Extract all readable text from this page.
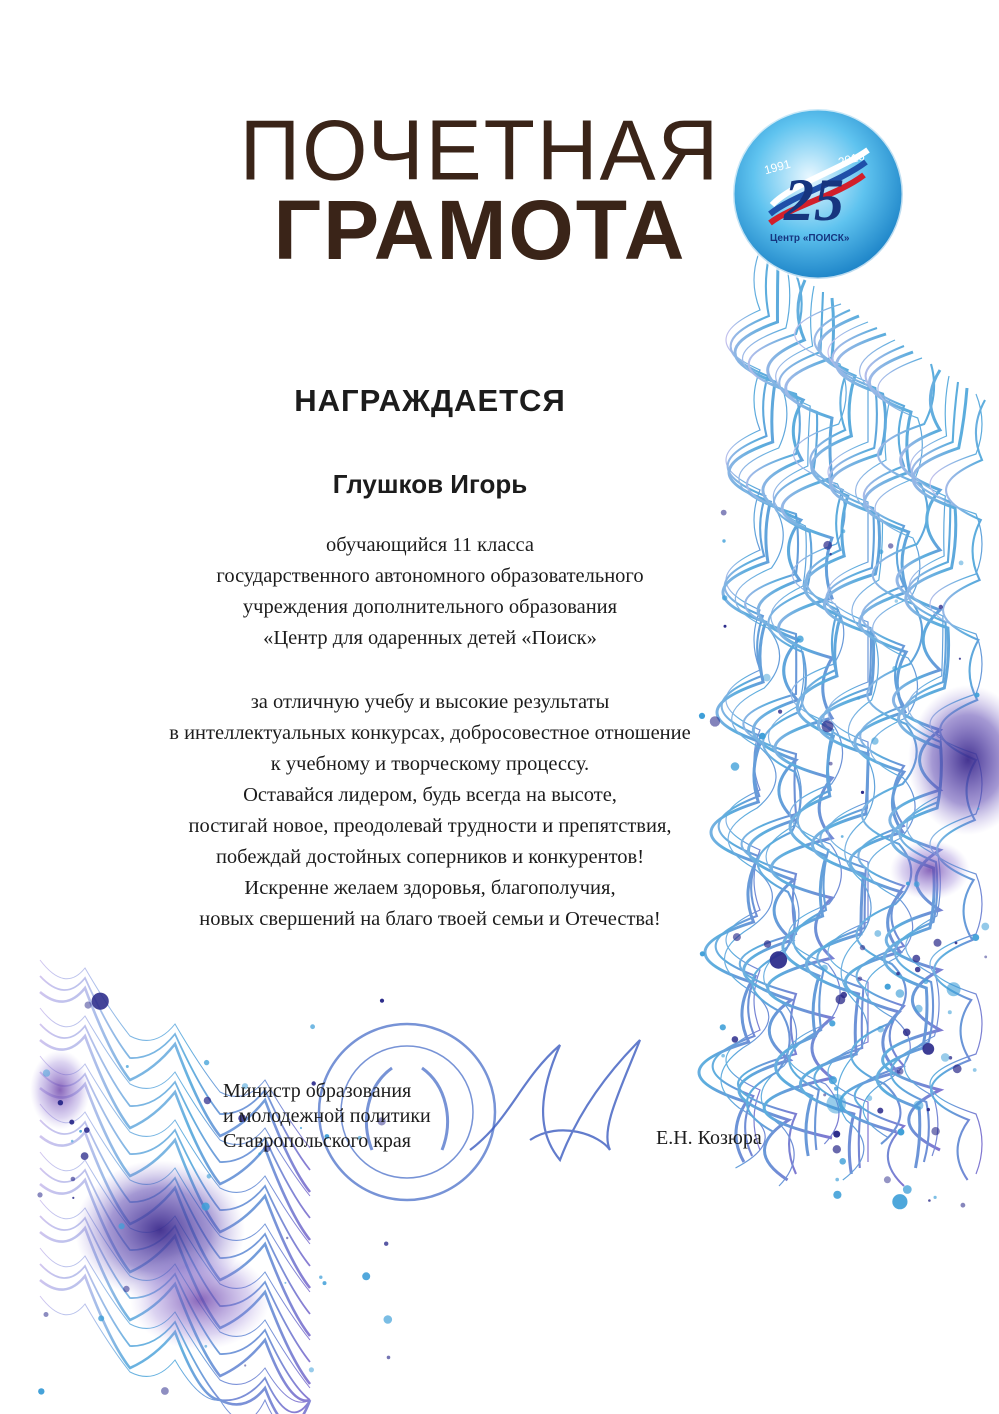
1991	2016
25
Центр «ПОИСК»
ПОЧЕТНАЯ
ГРАМОТА
НАГРАЖДАЕТСЯ
Глушков Игорь
обучающийся 11 класса
государственного автономного образовательного
учреждения дополнительного образования
«Центр для одаренных детей «Поиск»
за отличную учебу и высокие результаты
в интеллектуальных конкурсах, добросовестное отношение
к учебному и творческому процессу.
Оставайся лидером, будь всегда на высоте,
постигай новое, преодолевай трудности и препятствия,
побеждай достойных соперников и конкурентов!
Искренне желаем здоровья, благополучия,
новых свершений на благо твоей семьи и Отечества!
Министр образования
и молодежной политики
Ставропольского края	Е.Н. Козюра
